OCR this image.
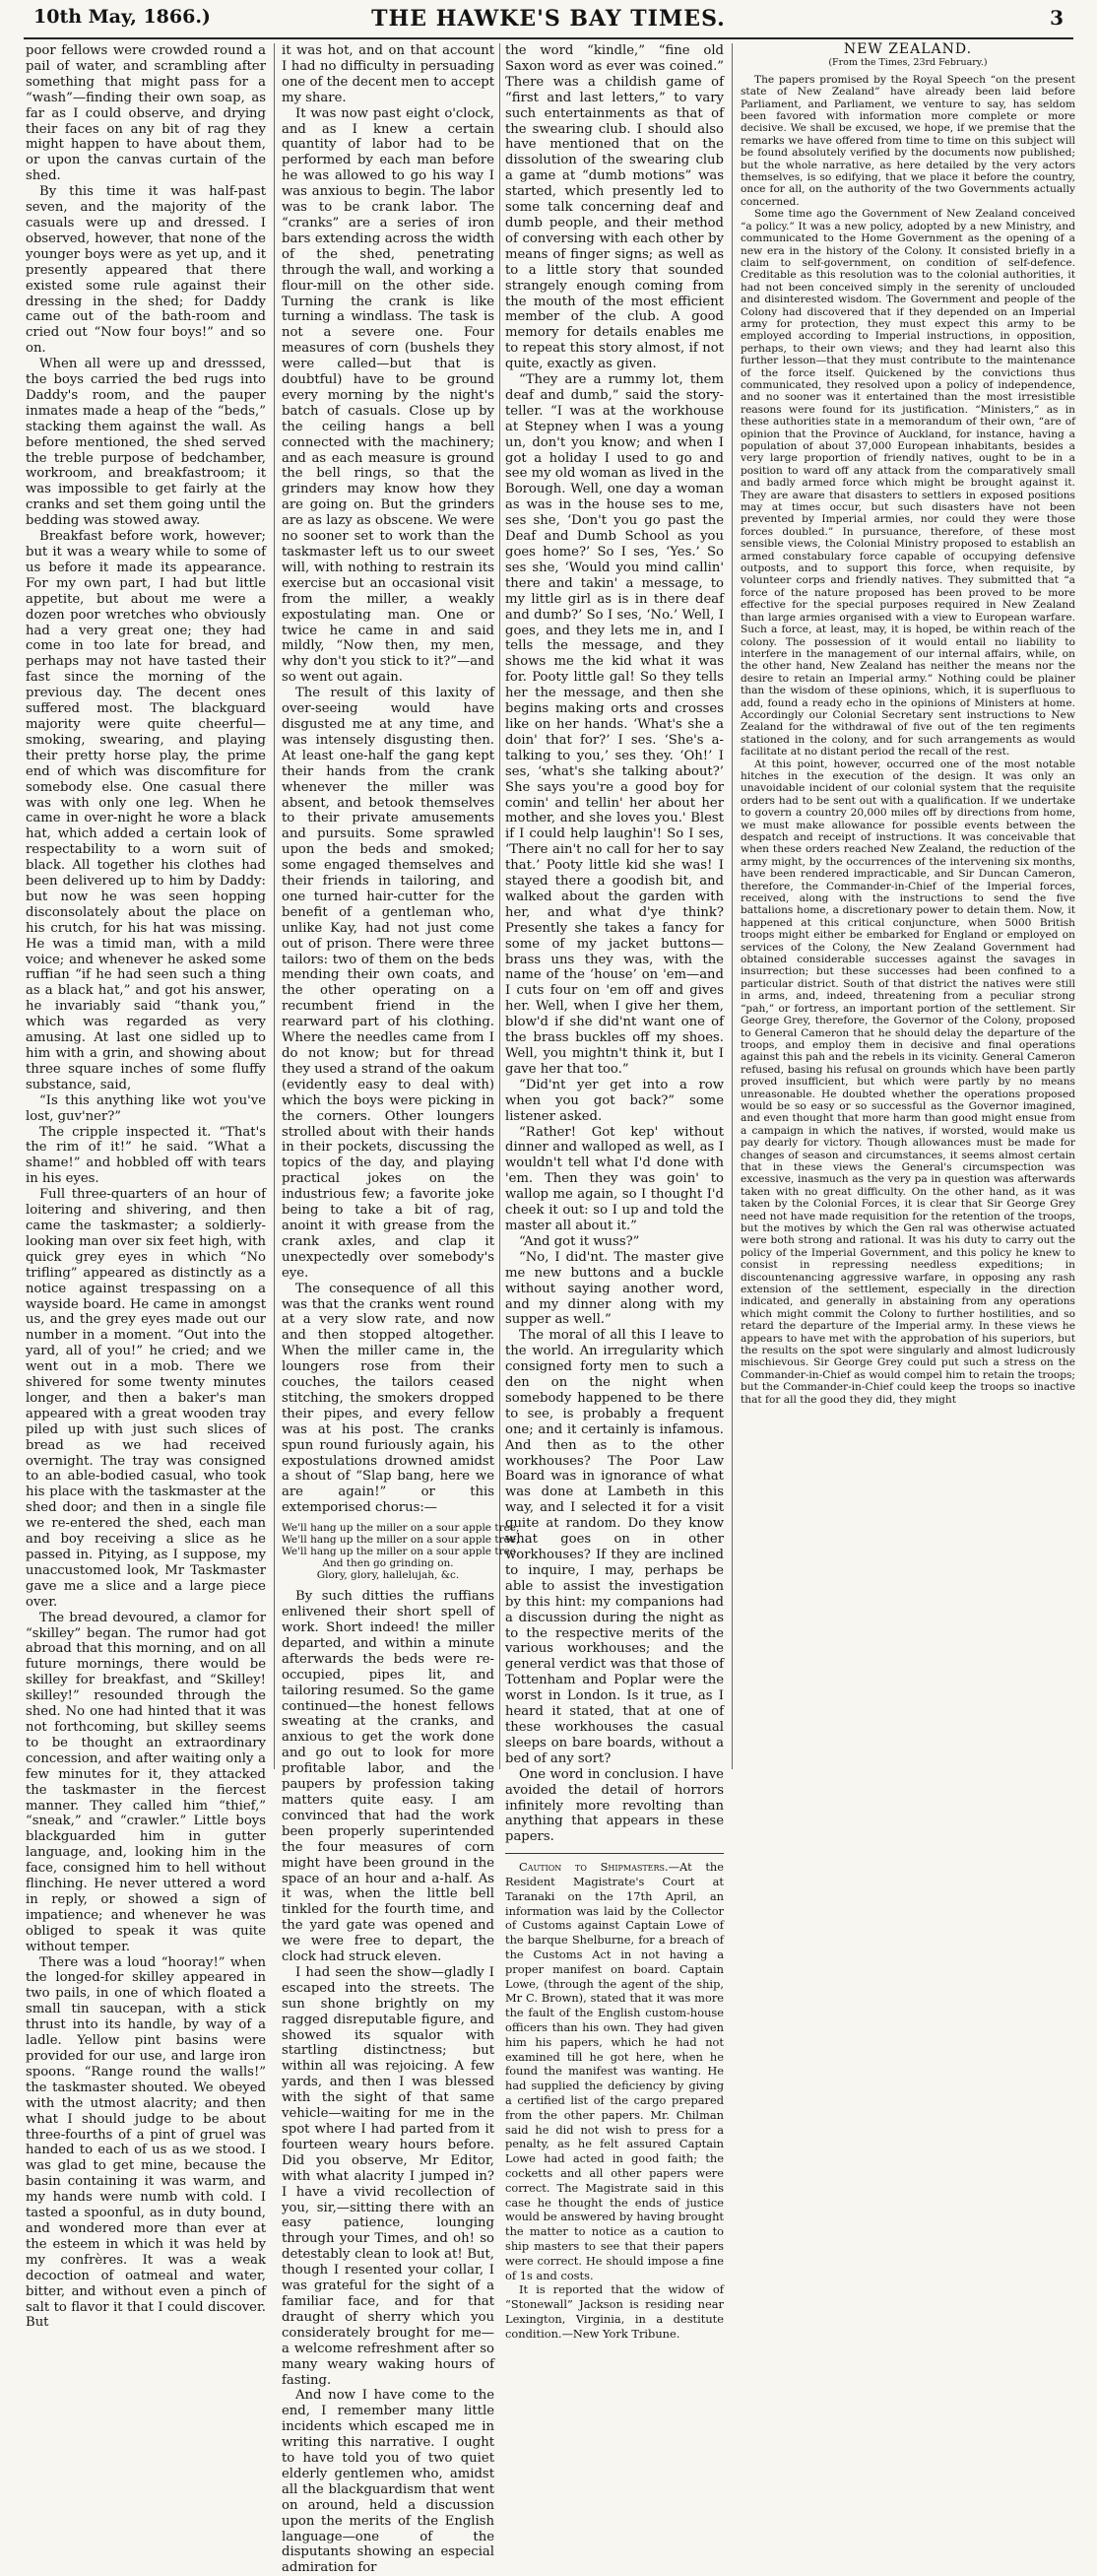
10th May, 1866.)	THE HAWKE'S BAY TIMES.	3

poor fellows were crowded round a pail of water, and scrambling after something that might pass for a “wash”—finding their own soap, as far as I could observe, and drying their faces on any bit of rag they might happen to have about them, or upon the canvas curtain of the shed.

By this time it was half-past seven, and the majority of the casuals were up and dressed. I observed, however, that none of the younger boys were as yet up, and it presently appeared that there existed some rule against their dressing in the shed; for Daddy came out of the bath-room and cried out “Now four boys!” and so on.

When all were up and dresssed, the boys carried the bed rugs into Daddy's room, and the pauper inmates made a heap of the “beds,” stacking them against the wall. As before mentioned, the shed served the treble purpose of bedchamber, workroom, and breakfastroom; it was impossible to get fairly at the cranks and set them going until the bedding was stowed away.

Breakfast before work, however; but it was a weary while to some of us before it made its appearance. For my own part, I had but little appetite, but about me were a dozen poor wretches who obviously had a very great one; they had come in too late for bread, and perhaps may not have tasted their fast since the morning of the previous day. The decent ones suffered most. The blackguard majority were quite cheerful—smoking, swearing, and playing their pretty horse play, the prime end of which was discomfiture for somebody else. One casual there was with only one leg. When he came in over-night he wore a black hat, which added a certain look of respectability to a worn suit of black. All together his clothes had been delivered up to him by Daddy: but now he was seen hopping disconsolately about the place on his crutch, for his hat was missing. He was a timid man, with a mild voice; and whenever he asked some ruffian “if he had seen such a thing as a black hat,” and got his answer, he invariably said “thank you,” which was regarded as very amusing. At last one sidled up to him with a grin, and showing about three square inches of some fluffy substance, said,

“Is this anything like wot you've lost, guv'ner?”

The cripple inspected it. “That's the rim of it!” he said. “What a shame!” and hobbled off with tears in his eyes.

Full three-quarters of an hour of loitering and shivering, and then came the taskmaster; a soldierly-looking man over six feet high, with quick grey eyes in which “No trifling” appeared as distinctly as a notice against trespassing on a wayside board. He came in amongst us, and the grey eyes made out our number in a moment. “Out into the yard, all of you!” he cried; and we went out in a mob. There we shivered for some twenty minutes longer, and then a baker's man appeared with a great wooden tray piled up with just such slices of bread as we had received overnight. The tray was consigned to an able-bodied casual, who took his place with the taskmaster at the shed door; and then in a single file we re-entered the shed, each man and boy receiving a slice as he passed in. Pitying, as I suppose, my unaccustomed look, Mr Taskmaster gave me a slice and a large piece over.

The bread devoured, a clamor for “skilley” began. The rumor had got abroad that this morning, and on all future mornings, there would be skilley for breakfast, and “Skilley! skilley!” resounded through the shed. No one had hinted that it was not forthcoming, but skilley seems to be thought an extraordinary concession, and after waiting only a few minutes for it, they attacked the taskmaster in the fiercest manner. They called him “thief,” “sneak,” and “crawler.” Little boys blackguarded him in gutter language, and, looking him in the face, consigned him to hell without flinching. He never uttered a word in reply, or showed a sign of impatience; and whenever he was obliged to speak it was quite without temper.

There was a loud “hooray!” when the longed-for skilley appeared in two pails, in one of which floated a small tin saucepan, with a stick thrust into its handle, by way of a ladle. Yellow pint basins were provided for our use, and large iron spoons. “Range round the walls!” the taskmaster shouted. We obeyed with the utmost alacrity; and then what I should judge to be about three-fourths of a pint of gruel was handed to each of us as we stood. I was glad to get mine, because the basin containing it was warm, and my hands were numb with cold. I tasted a spoonful, as in duty bound, and wondered more than ever at the esteem in which it was held by my confrères. It was a weak decoction of oatmeal and water, bitter, and without even a pinch of salt to flavor it that I could discover. But

it was hot, and on that account I had no difficulty in persuading one of the decent men to accept my share.

It was now past eight o'clock, and as I knew a certain quantity of labor had to be performed by each man before he was allowed to go his way I was anxious to begin. The labor was to be crank labor. The “cranks” are a series of iron bars extending across the width of the shed, penetrating through the wall, and working a flour-mill on the other side. Turning the crank is like turning a windlass. The task is not a severe one. Four measures of corn (bushels they were called—but that is doubtful) have to be ground every morning by the night's batch of casuals. Close up by the ceiling hangs a bell connected with the machinery; and as each measure is ground the bell rings, so that the grinders may know how they are going on. But the grinders are as lazy as obscene. We were no sooner set to work than the taskmaster left us to our sweet will, with nothing to restrain its exercise but an occasional visit from the miller, a weakly expostulating man. One or twice he came in and said mildly, “Now then, my men, why don't you stick to it?”—and so went out again.

The result of this laxity of over-seeing would have disgusted me at any time, and was intensely disgusting then. At least one-half the gang kept their hands from the crank whenever the miller was absent, and betook themselves to their private amusements and pursuits. Some sprawled upon the beds and smoked; some engaged themselves and their friends in tailoring, and one turned hair-cutter for the benefit of a gentleman who, unlike Kay, had not just come out of prison. There were three tailors: two of them on the beds mending their own coats, and the other operating on a recumbent friend in the rearward part of his clothing. Where the needles came from I do not know; but for thread they used a strand of the oakum (evidently easy to deal with) which the boys were picking in the corners. Other loungers strolled about with their hands in their pockets, discussing the topics of the day, and playing practical jokes on the industrious few; a favorite joke being to take a bit of rag, anoint it with grease from the crank axles, and clap it unexpectedly over somebody's eye.

The consequence of all this was that the cranks went round at a very slow rate, and now and then stopped altogether. When the miller came in, the loungers rose from their couches, the tailors ceased stitching, the smokers dropped their pipes, and every fellow was at his post. The cranks spun round furiously again, his expostulations drowned amidst a shout of “Slap bang, here we are again!” or this extemporised chorus:—

We'll hang up the miller on a sour apple tree,
We'll hang up the miller on a sour apple tree,
We'll hang up the miller on a sour apple tree,
And then go grinding on.
Glory, glory, hallelujah, &c.

By such ditties the ruffians enlivened their short spell of work. Short indeed! the miller departed, and within a minute afterwards the beds were re-occupied, pipes lit, and tailoring resumed. So the game continued—the honest fellows sweating at the cranks, and anxious to get the work done and go out to look for more profitable labor, and the paupers by profession taking matters quite easy. I am convinced that had the work been properly superintended the four measures of corn might have been ground in the space of an hour and a-half. As it was, when the little bell tinkled for the fourth time, and the yard gate was opened and we were free to depart, the clock had struck eleven.

I had seen the show—gladly I escaped into the streets. The sun shone brightly on my ragged disreputable figure, and showed its squalor with startling distinctness; but within all was rejoicing. A few yards, and then I was blessed with the sight of that same vehicle—waiting for me in the spot where I had parted from it fourteen weary hours before. Did you observe, Mr Editor, with what alacrity I jumped in? I have a vivid recollection of you, sir,—sitting there with an easy patience, lounging through your Times, and oh! so detestably clean to look at! But, though I resented your collar, I was grateful for the sight of a familiar face, and for that draught of sherry which you considerately brought for me—a welcome refreshment after so many weary waking hours of fasting.

And now I have come to the end, I remember many little incidents which escaped me in writing this narrative. I ought to have told you of two quiet elderly gentlemen who, amidst all the blackguardism that went on around, held a discussion upon the merits of the English language—one of the disputants showing an especial admiration for

the word “kindle,” “fine old Saxon word as ever was coined.” There was a childish game of “first and last letters,” to vary such entertainments as that of the swearing club. I should also have mentioned that on the dissolution of the swearing club a game at “dumb motions” was started, which presently led to some talk concerning deaf and dumb people, and their method of conversing with each other by means of finger signs; as well as to a little story that sounded strangely enough coming from the mouth of the most efficient member of the club. A good memory for details enables me to repeat this story almost, if not quite, exactly as given.

“They are a rummy lot, them deaf and dumb,” said the story-teller. “I was at the workhouse at Stepney when I was a young un, don't you know; and when I got a holiday I used to go and see my old woman as lived in the Borough. Well, one day a woman as was in the house ses to me, ses she, ‘Don't you go past the Deaf and Dumb School as you goes home?’ So I ses, ‘Yes.’ So ses she, ‘Would you mind callin' there and takin' a message, to my little girl as is in there deaf and dumb?’ So I ses, ‘No.’ Well, I goes, and they lets me in, and I tells the message, and they shows me the kid what it was for. Pooty little gal! So they tells her the message, and then she begins making orts and crosses like on her hands. ‘What's she a doin' that for?’ I ses. ‘She's a-talking to you,’ ses they. ‘Oh!’ I ses, ‘what's she talking about?’ She says you're a good boy for comin' and tellin' her about her mother, and she loves you.' Blest if I could help laughin'! So I ses, ‘There ain't no call for her to say that.’ Pooty little kid she was! I stayed there a goodish bit, and walked about the garden with her, and what d'ye think? Presently she takes a fancy for some of my jacket buttons—brass uns they was, with the name of the ‘house’ on 'em—and I cuts four on 'em off and gives her. Well, when I give her them, blow'd if she did'nt want one of the brass buckles off my shoes. Well, you mightn't think it, but I gave her that too.”

“Did'nt yer get into a row when you got back?” some listener asked.

“Rather! Got kep' without dinner and walloped as well, as I wouldn't tell what I'd done with 'em. Then they was goin' to wallop me again, so I thought I'd cheek it out: so I up and told the master all about it.”

“And got it wuss?”

“No, I did'nt. The master give me new buttons and a buckle without saying another word, and my dinner along with my supper as well.”

The moral of all this I leave to the world. An irregularity which consigned forty men to such a den on the night when somebody happened to be there to see, is probably a frequent one; and it certainly is infamous. And then as to the other workhouses? The Poor Law Board was in ignorance of what was done at Lambeth in this way, and I selected it for a visit quite at random. Do they know what goes on in other workhouses? If they are inclined to inquire, I may, perhaps be able to assist the investigation by this hint: my companions had a discussion during the night as to the respective merits of the various workhouses; and the general verdict was that those of Tottenham and Poplar were the worst in London. Is it true, as I heard it stated, that at one of these workhouses the casual sleeps on bare boards, without a bed of any sort?

One word in conclusion. I have avoided the detail of horrors infinitely more revolting than anything that appears in these papers.

Caution to Shipmasters.—At the Resident Magistrate's Court at Taranaki on the 17th April, an information was laid by the Collector of Customs against Captain Lowe of the barque Shelburne, for a breach of the Customs Act in not having a proper manifest on board. Captain Lowe, (through the agent of the ship, Mr C. Brown), stated that it was more the fault of the English custom-house officers than his own. They had given him his papers, which he had not examined till he got here, when he found the manifest was wanting. He had supplied the deficiency by giving a certified list of the cargo prepared from the other papers. Mr. Chilman said he did not wish to press for a penalty, as he felt assured Captain Lowe had acted in good faith; the cocketts and all other papers were correct. The Magistrate said in this case he thought the ends of justice would be answered by having brought the matter to notice as a caution to ship masters to see that their papers were correct. He should impose a fine of 1s and costs.

It is reported that the widow of “Stonewall” Jackson is residing near Lexington, Virginia, in a destitute condition.—New York Tribune.

NEW ZEALAND.
(From the Times, 23rd February.)

The papers promised by the Royal Speech “on the present state of New Zealand” have already been laid before Parliament, and Parliament, we venture to say, has seldom been favored with information more complete or more decisive. We shall be excused, we hope, if we premise that the remarks we have offered from time to time on this subject will be found absolutely verified by the documents now published; but the whole narrative, as here detailed by the very actors themselves, is so edifying, that we place it before the country, once for all, on the authority of the two Governments actually concerned.

Some time ago the Government of New Zealand conceived “a policy.” It was a new policy, adopted by a new Ministry, and communicated to the Home Government as the opening of a new era in the history of the Colony. It consisted briefly in a claim to self-government, on condition of self-defence. Creditable as this resolution was to the colonial authorities, it had not been conceived simply in the serenity of unclouded and disinterested wisdom. The Government and people of the Colony had discovered that if they depended on an Imperial army for protection, they must expect this army to be employed according to Imperial instructions, in opposition, perhaps, to their own views; and they had learnt also this further lesson—that they must contribute to the maintenance of the force itself. Quickened by the convictions thus communicated, they resolved upon a policy of independence, and no sooner was it entertained than the most irresistible reasons were found for its justification. “Ministers,” as in these authorities state in a memorandum of their own, “are of opinion that the Province of Auckland, for instance, having a population of about 37,000 European inhabitants, besides a very large proportion of friendly natives, ought to be in a position to ward off any attack from the comparatively small and badly armed force which might be brought against it. They are aware that disasters to settlers in exposed positions may at times occur, but such disasters have not been prevented by Imperial armies, nor could they were those forces doubled.” In pursuance, therefore, of these most sensible views, the Colonial Ministry proposed to establish an armed constabulary force capable of occupying defensive outposts, and to support this force, when requisite, by volunteer corps and friendly natives. They submitted that “a force of the nature proposed has been proved to be more effective for the special purposes required in New Zealand than large armies organised with a view to European warfare. Such a force, at least, may, it is hoped, be within reach of the colony. The possession of it would entail no liability to interfere in the management of our internal affairs, while, on the other hand, New Zealand has neither the means nor the desire to retain an Imperial army.” Nothing could be plainer than the wisdom of these opinions, which, it is superfluous to add, found a ready echo in the opinions of Ministers at home. Accordingly our Colonial Secretary sent instructions to New Zealand for the withdrawal of five out of the ten regiments stationed in the colony, and for such arrangements as would facilitate at no distant period the recall of the rest.

At this point, however, occurred one of the most notable hitches in the execution of the design. It was only an unavoidable incident of our colonial system that the requisite orders had to be sent out with a qualification. If we undertake to govern a country 20,000 miles off by directions from home, we must make allowance for possible events between the despatch and receipt of instructions. It was conceivable that when these orders reached New Zealand, the reduction of the army might, by the occurrences of the intervening six months, have been rendered impracticable, and Sir Duncan Cameron, therefore, the Commander-in-Chief of the Imperial forces, received, along with the instructions to send the five battalions home, a discretionary power to detain them. Now, it happened at this critical conjuncture, when 5000 British troops might either be embarked for England or employed on services of the Colony, the New Zealand Government had obtained considerable successes against the savages in insurrection; but these successes had been confined to a particular district. South of that district the natives were still in arms, and, indeed, threatening from a peculiar strong “pah,” or fortress, an important portion of the settlement. Sir George Grey, therefore, the Governor of the Colony, proposed to General Cameron that he should delay the departure of the troops, and employ them in decisive and final operations against this pah and the rebels in its vicinity. General Cameron refused, basing his refusal on grounds which have been partly proved insufficient, but which were partly by no means unreasonable. He doubted whether the operations proposed would be so easy or so successful as the Governor imagined, and even thought that more harm than good might ensue from a campaign in which the natives, if worsted, would make us pay dearly for victory. Though allowances must be made for changes of season and circumstances, it seems almost certain that in these views the General's circumspection was excessive, inasmuch as the very pa in question was afterwards taken with no great difficulty. On the other hand, as it was taken by the Colonial Forces, it is clear that Sir George Grey need not have made requisition for the retention of the troops, but the motives by which the Gen ral was otherwise actuated were both strong and rational. It was his duty to carry out the policy of the Imperial Government, and this policy he knew to consist in repressing needless expeditions; in discountenancing aggressive warfare, in opposing any rash extension of the settlement, especially in the direction indicated, and generally in abstaining from any operations which might commit the Colony to further hostilities, and so retard the departure of the Imperial army. In these views he appears to have met with the approbation of his superiors, but the results on the spot were singularly and almost ludicrously mischievous. Sir George Grey could put such a stress on the Commander-in-Chief as would compel him to retain the troops; but the Commander-in-Chief could keep the troops so inactive that for all the good they did, they might
